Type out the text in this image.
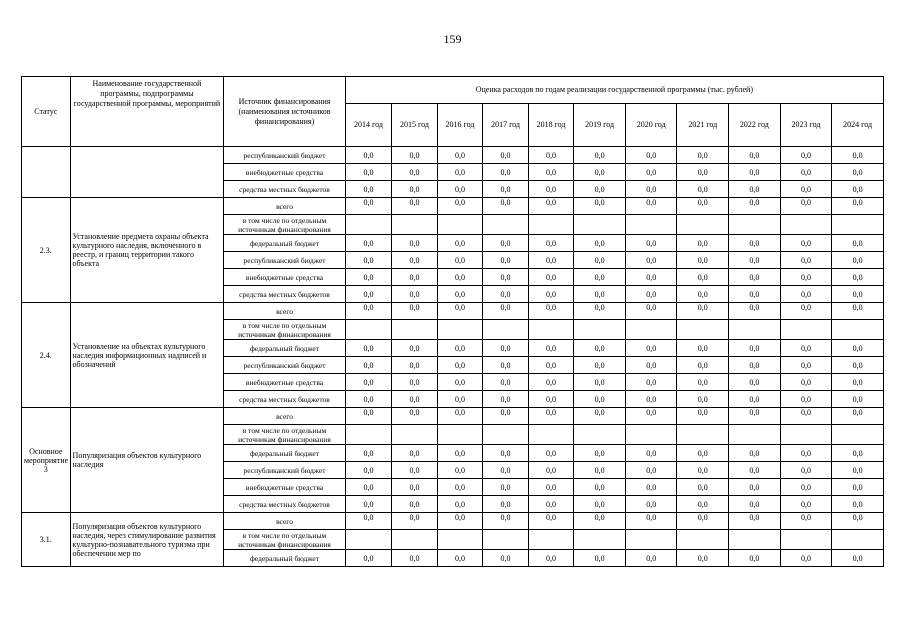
159
Статус	Наименование государственной программы, подпрограммы государственной программы, мероприятий	Источник финансирования (наименования источников финансирования)	Оценка расходов по годам реализации государственной программы (тыс. рублей)										
			2014 год	2015 год	2016 год	2017 год	2018 год	2019 год	2020 год	2021 год	2022 год	2023 год	2024 год
		республиканский бюджет	0,0	0,0	0,0	0,0	0,0	0,0	0,0	0,0	0,0	0,0	0,0
		внебюджетные средства	0,0	0,0	0,0	0,0	0,0	0,0	0,0	0,0	0,0	0,0	0,0
		средства местных бюджетов	0,0	0,0	0,0	0,0	0,0	0,0	0,0	0,0	0,0	0,0	0,0
2.3.	Установление предмета охраны объекта культурного наследия, включенного в реестр, и границ территории такого объекта	всего	0,0	0,0	0,0	0,0	0,0	0,0	0,0	0,0	0,0	0,0	0,0
		в том числе по отдельным источникам финансирования											
		федеральный бюджет	0,0	0,0	0,0	0,0	0,0	0,0	0,0	0,0	0,0	0,0	0,0
		республиканский бюджет	0,0	0,0	0,0	0,0	0,0	0,0	0,0	0,0	0,0	0,0	0,0
		внебюджетные средства	0,0	0,0	0,0	0,0	0,0	0,0	0,0	0,0	0,0	0,0	0,0
		средства местных бюджетов	0,0	0,0	0,0	0,0	0,0	0,0	0,0	0,0	0,0	0,0	0,0
2.4.	Установление на объектах культурного наследия информационных надписей и обозначений	всего	0,0	0,0	0,0	0,0	0,0	0,0	0,0	0,0	0,0	0,0	0,0
		в том числе по отдельным источникам финансирования											
		федеральный бюджет	0,0	0,0	0,0	0,0	0,0	0,0	0,0	0,0	0,0	0,0	0,0
		республиканский бюджет	0,0	0,0	0,0	0,0	0,0	0,0	0,0	0,0	0,0	0,0	0,0
		внебюджетные средства	0,0	0,0	0,0	0,0	0,0	0,0	0,0	0,0	0,0	0,0	0,0
		средства местных бюджетов	0,0	0,0	0,0	0,0	0,0	0,0	0,0	0,0	0,0	0,0	0,0
Основное мероприятие 3	Популяризация объектов культурного наследия	всего	0,0	0,0	0,0	0,0	0,0	0,0	0,0	0,0	0,0	0,0	0,0
		в том числе по отдельным источникам финансирования											
		федеральный бюджет	0,0	0,0	0,0	0,0	0,0	0,0	0,0	0,0	0,0	0,0	0,0
		республиканский бюджет	0,0	0,0	0,0	0,0	0,0	0,0	0,0	0,0	0,0	0,0	0,0
		внебюджетные средства	0,0	0,0	0,0	0,0	0,0	0,0	0,0	0,0	0,0	0,0	0,0
		средства местных бюджетов	0,0	0,0	0,0	0,0	0,0	0,0	0,0	0,0	0,0	0,0	0,0
3.1.	Популяризация объектов культурного наследия, через стимулирование развития культурно-познавательного туризма при обеспечении мер по	всего	0,0	0,0	0,0	0,0	0,0	0,0	0,0	0,0	0,0	0,0	0,0
		в том числе по отдельным источникам финансирования											
		федеральный бюджет	0,0	0,0	0,0	0,0	0,0	0,0	0,0	0,0	0,0	0,0	0,0
